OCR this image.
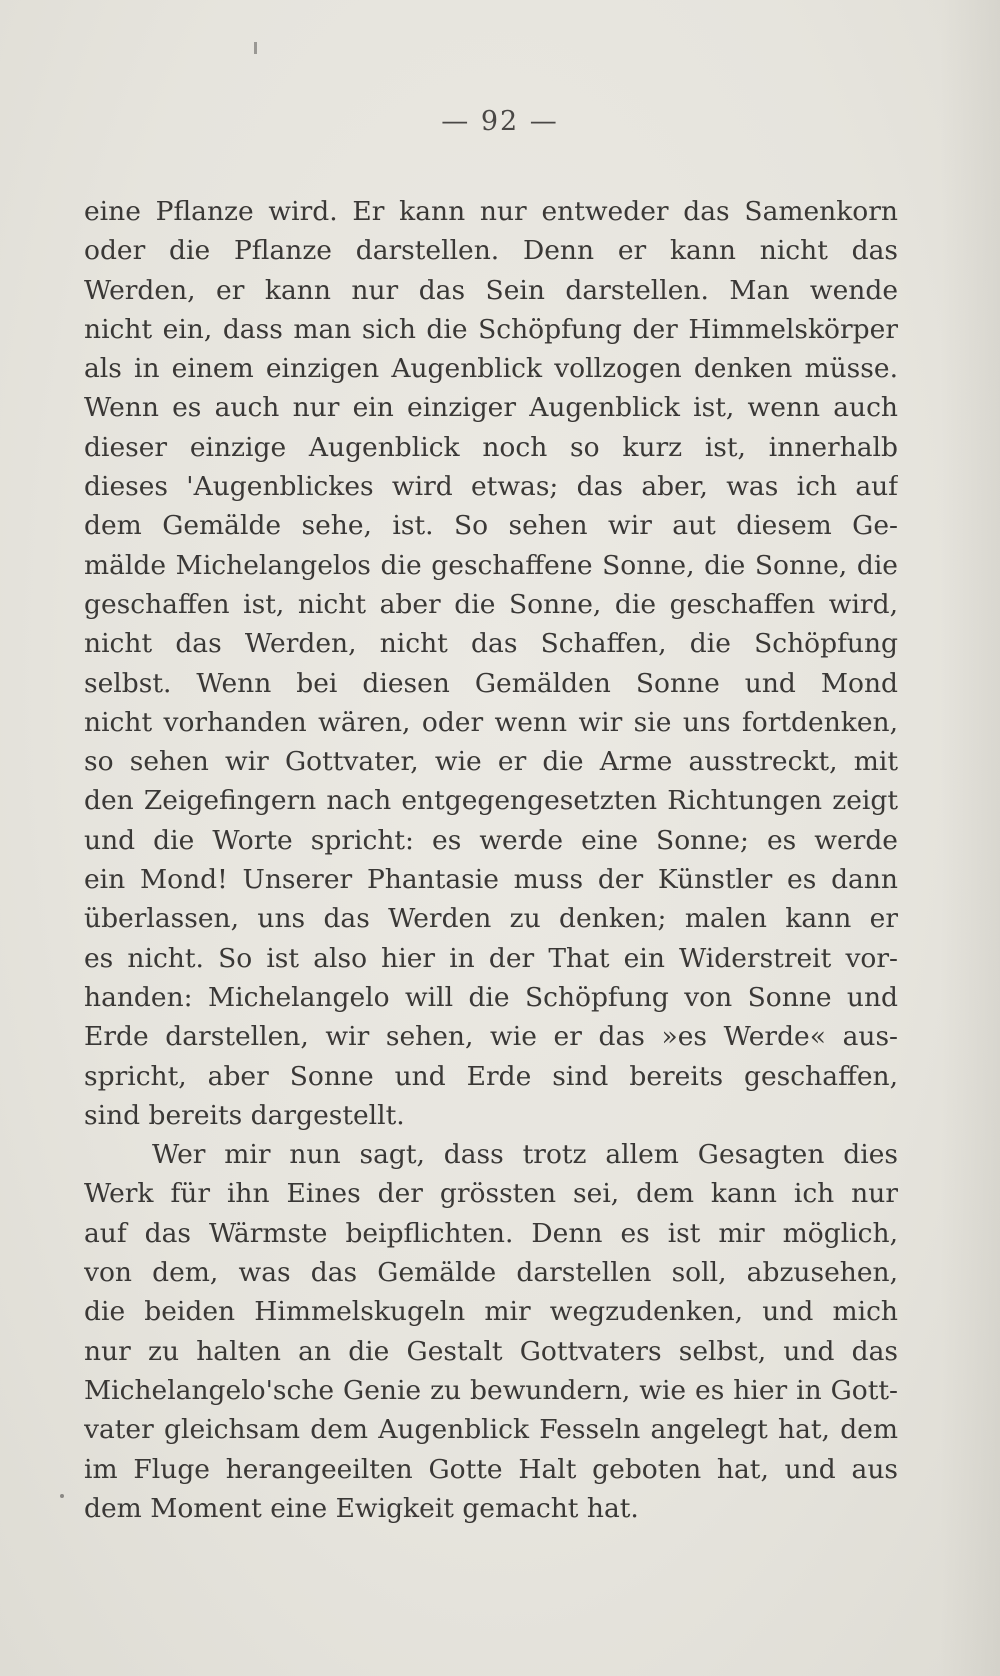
— 92 —
eine Pflanze wird. Er kann nur entweder das Samenkorn
oder die Pflanze darstellen. Denn er kann nicht das
Werden, er kann nur das Sein darstellen. Man wende
nicht ein, dass man sich die Schöpfung der Himmelskörper
als in einem einzigen Augenblick vollzogen denken müsse.
Wenn es auch nur ein einziger Augenblick ist, wenn auch
dieser einzige Augenblick noch so kurz ist, innerhalb
dieses 'Augenblickes wird etwas; das aber, was ich auf
dem Gemälde sehe, ist. So sehen wir aut diesem Ge-
mälde Michelangelos die geschaffene Sonne, die Sonne, die
geschaffen ist, nicht aber die Sonne, die geschaffen wird,
nicht das Werden, nicht das Schaffen, die Schöpfung
selbst. Wenn bei diesen Gemälden Sonne und Mond
nicht vorhanden wären, oder wenn wir sie uns fortdenken,
so sehen wir Gottvater, wie er die Arme ausstreckt, mit
den Zeigefingern nach entgegengesetzten Richtungen zeigt
und die Worte spricht: es werde eine Sonne; es werde
ein Mond! Unserer Phantasie muss der Künstler es dann
überlassen, uns das Werden zu denken; malen kann er
es nicht. So ist also hier in der That ein Widerstreit vor-
handen: Michelangelo will die Schöpfung von Sonne und
Erde darstellen, wir sehen, wie er das »es Werde« aus-
spricht, aber Sonne und Erde sind bereits geschaffen,
sind bereits dargestellt.
Wer mir nun sagt, dass trotz allem Gesagten dies
Werk für ihn Eines der grössten sei, dem kann ich nur
auf das Wärmste beipflichten. Denn es ist mir möglich,
von dem, was das Gemälde darstellen soll, abzusehen,
die beiden Himmelskugeln mir wegzudenken, und mich
nur zu halten an die Gestalt Gottvaters selbst, und das
Michelangelo'sche Genie zu bewundern, wie es hier in Gott-
vater gleichsam dem Augenblick Fesseln angelegt hat, dem
im Fluge herangeeilten Gotte Halt geboten hat, und aus
dem Moment eine Ewigkeit gemacht hat.
